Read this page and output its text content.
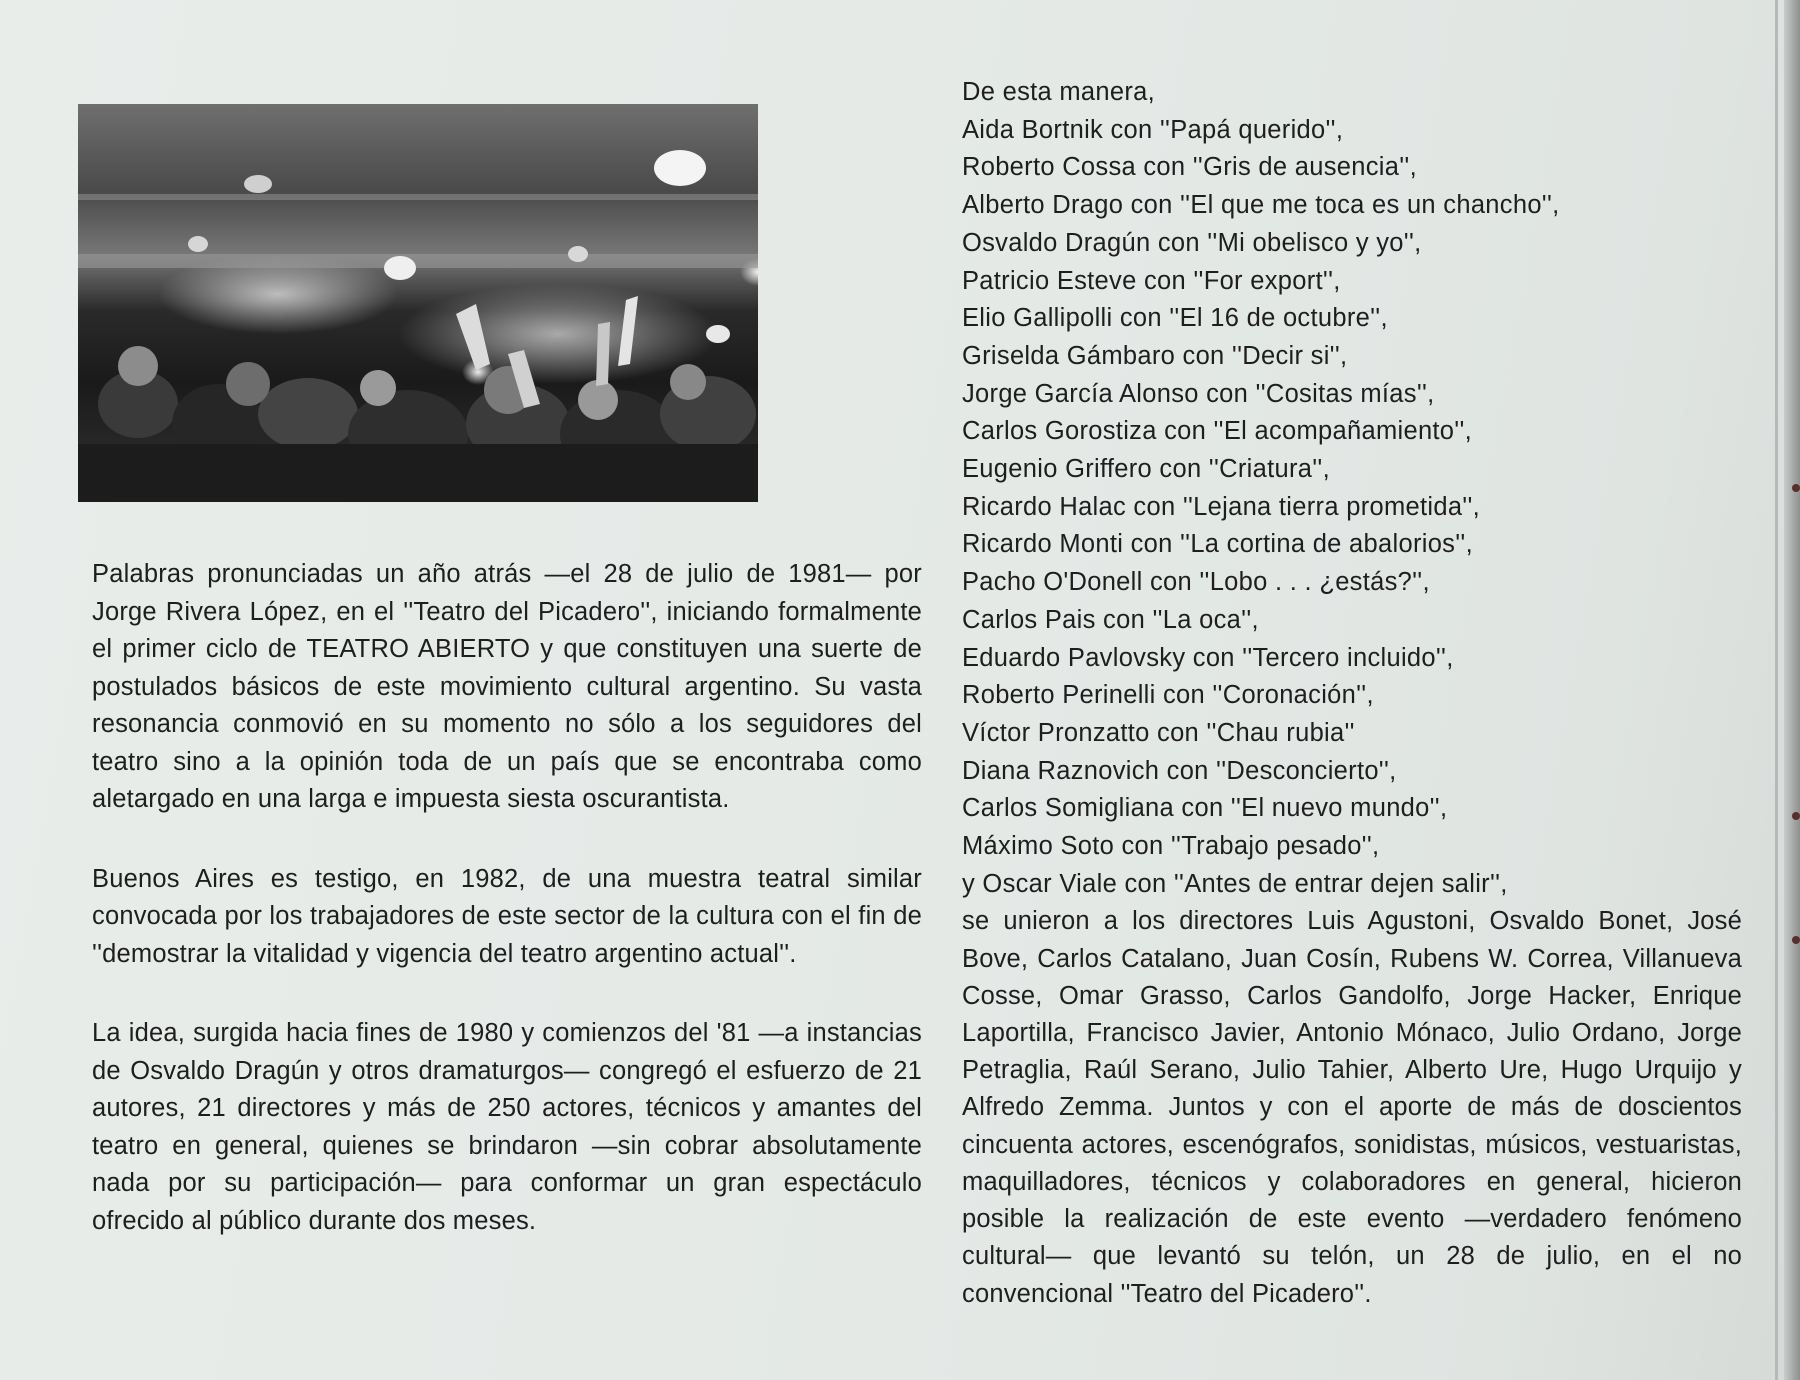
Palabras pronunciadas un año atrás —el 28 de julio de 1981— por Jorge Rivera López, en el ''Teatro del Picadero'', iniciando formalmente el primer ciclo de TEATRO ABIERTO y que constituyen una suerte de postulados básicos de este movimiento cultural argentino. Su vasta resonancia conmovió en su momento no sólo a los seguidores del teatro sino a la opinión toda de un país que se encontraba como aletargado en una larga e impuesta siesta oscurantista.

Buenos Aires es testigo, en 1982, de una muestra teatral similar convocada por los trabajadores de este sector de la cultura con el fin de ''demostrar la vitalidad y vigencia del teatro argentino actual''.

La idea, surgida hacia fines de 1980 y comienzos del '81 —a instancias de Osvaldo Dragún y otros dramaturgos— congregó el esfuerzo de 21 autores, 21 directores y más de 250 actores, técnicos y amantes del teatro en general, quienes se brindaron —sin cobrar absolutamente nada por su participación— para conformar un gran espectáculo ofrecido al público durante dos meses.

De esta manera,
Aida Bortnik con ''Papá querido'',
Roberto Cossa con ''Gris de ausencia'',
Alberto Drago con ''El que me toca es un chancho'',
Osvaldo Dragún con ''Mi obelisco y yo'',
Patricio Esteve con ''For export'',
Elio Gallipolli con ''El 16 de octubre'',
Griselda Gámbaro con ''Decir si'',
Jorge García Alonso con ''Cositas mías'',
Carlos Gorostiza con ''El acompañamiento'',
Eugenio Griffero con ''Criatura'',
Ricardo Halac con ''Lejana tierra prometida'',
Ricardo Monti con ''La cortina de abalorios'',
Pacho O'Donell con ''Lobo . . . ¿estás?'',
Carlos Pais con ''La oca'',
Eduardo Pavlovsky con ''Tercero incluido'',
Roberto Perinelli con ''Coronación'',
Víctor Pronzatto con ''Chau rubia''
Diana Raznovich con ''Desconcierto'',
Carlos Somigliana con ''El nuevo mundo'',
Máximo Soto con ''Trabajo pesado'',
y Oscar Viale con ''Antes de entrar dejen salir'',

se unieron a los directores Luis Agustoni, Osvaldo Bonet, José Bove, Carlos Catalano, Juan Cosín, Rubens W. Correa, Villanueva Cosse, Omar Grasso, Carlos Gandolfo, Jorge Hacker, Enrique Laportilla, Francisco Javier, Antonio Mónaco, Julio Ordano, Jorge Petraglia, Raúl Serano, Julio Tahier, Alberto Ure, Hugo Urquijo y Alfredo Zemma. Juntos y con el aporte de más de doscientos cincuenta actores, escenógrafos, sonidistas, músicos, vestuaristas, maquilladores, técnicos y colaboradores en general, hicieron posible la realización de este evento —verdadero fenómeno cultural— que levantó su telón, un 28 de julio, en el no convencional ''Teatro del Picadero''.
